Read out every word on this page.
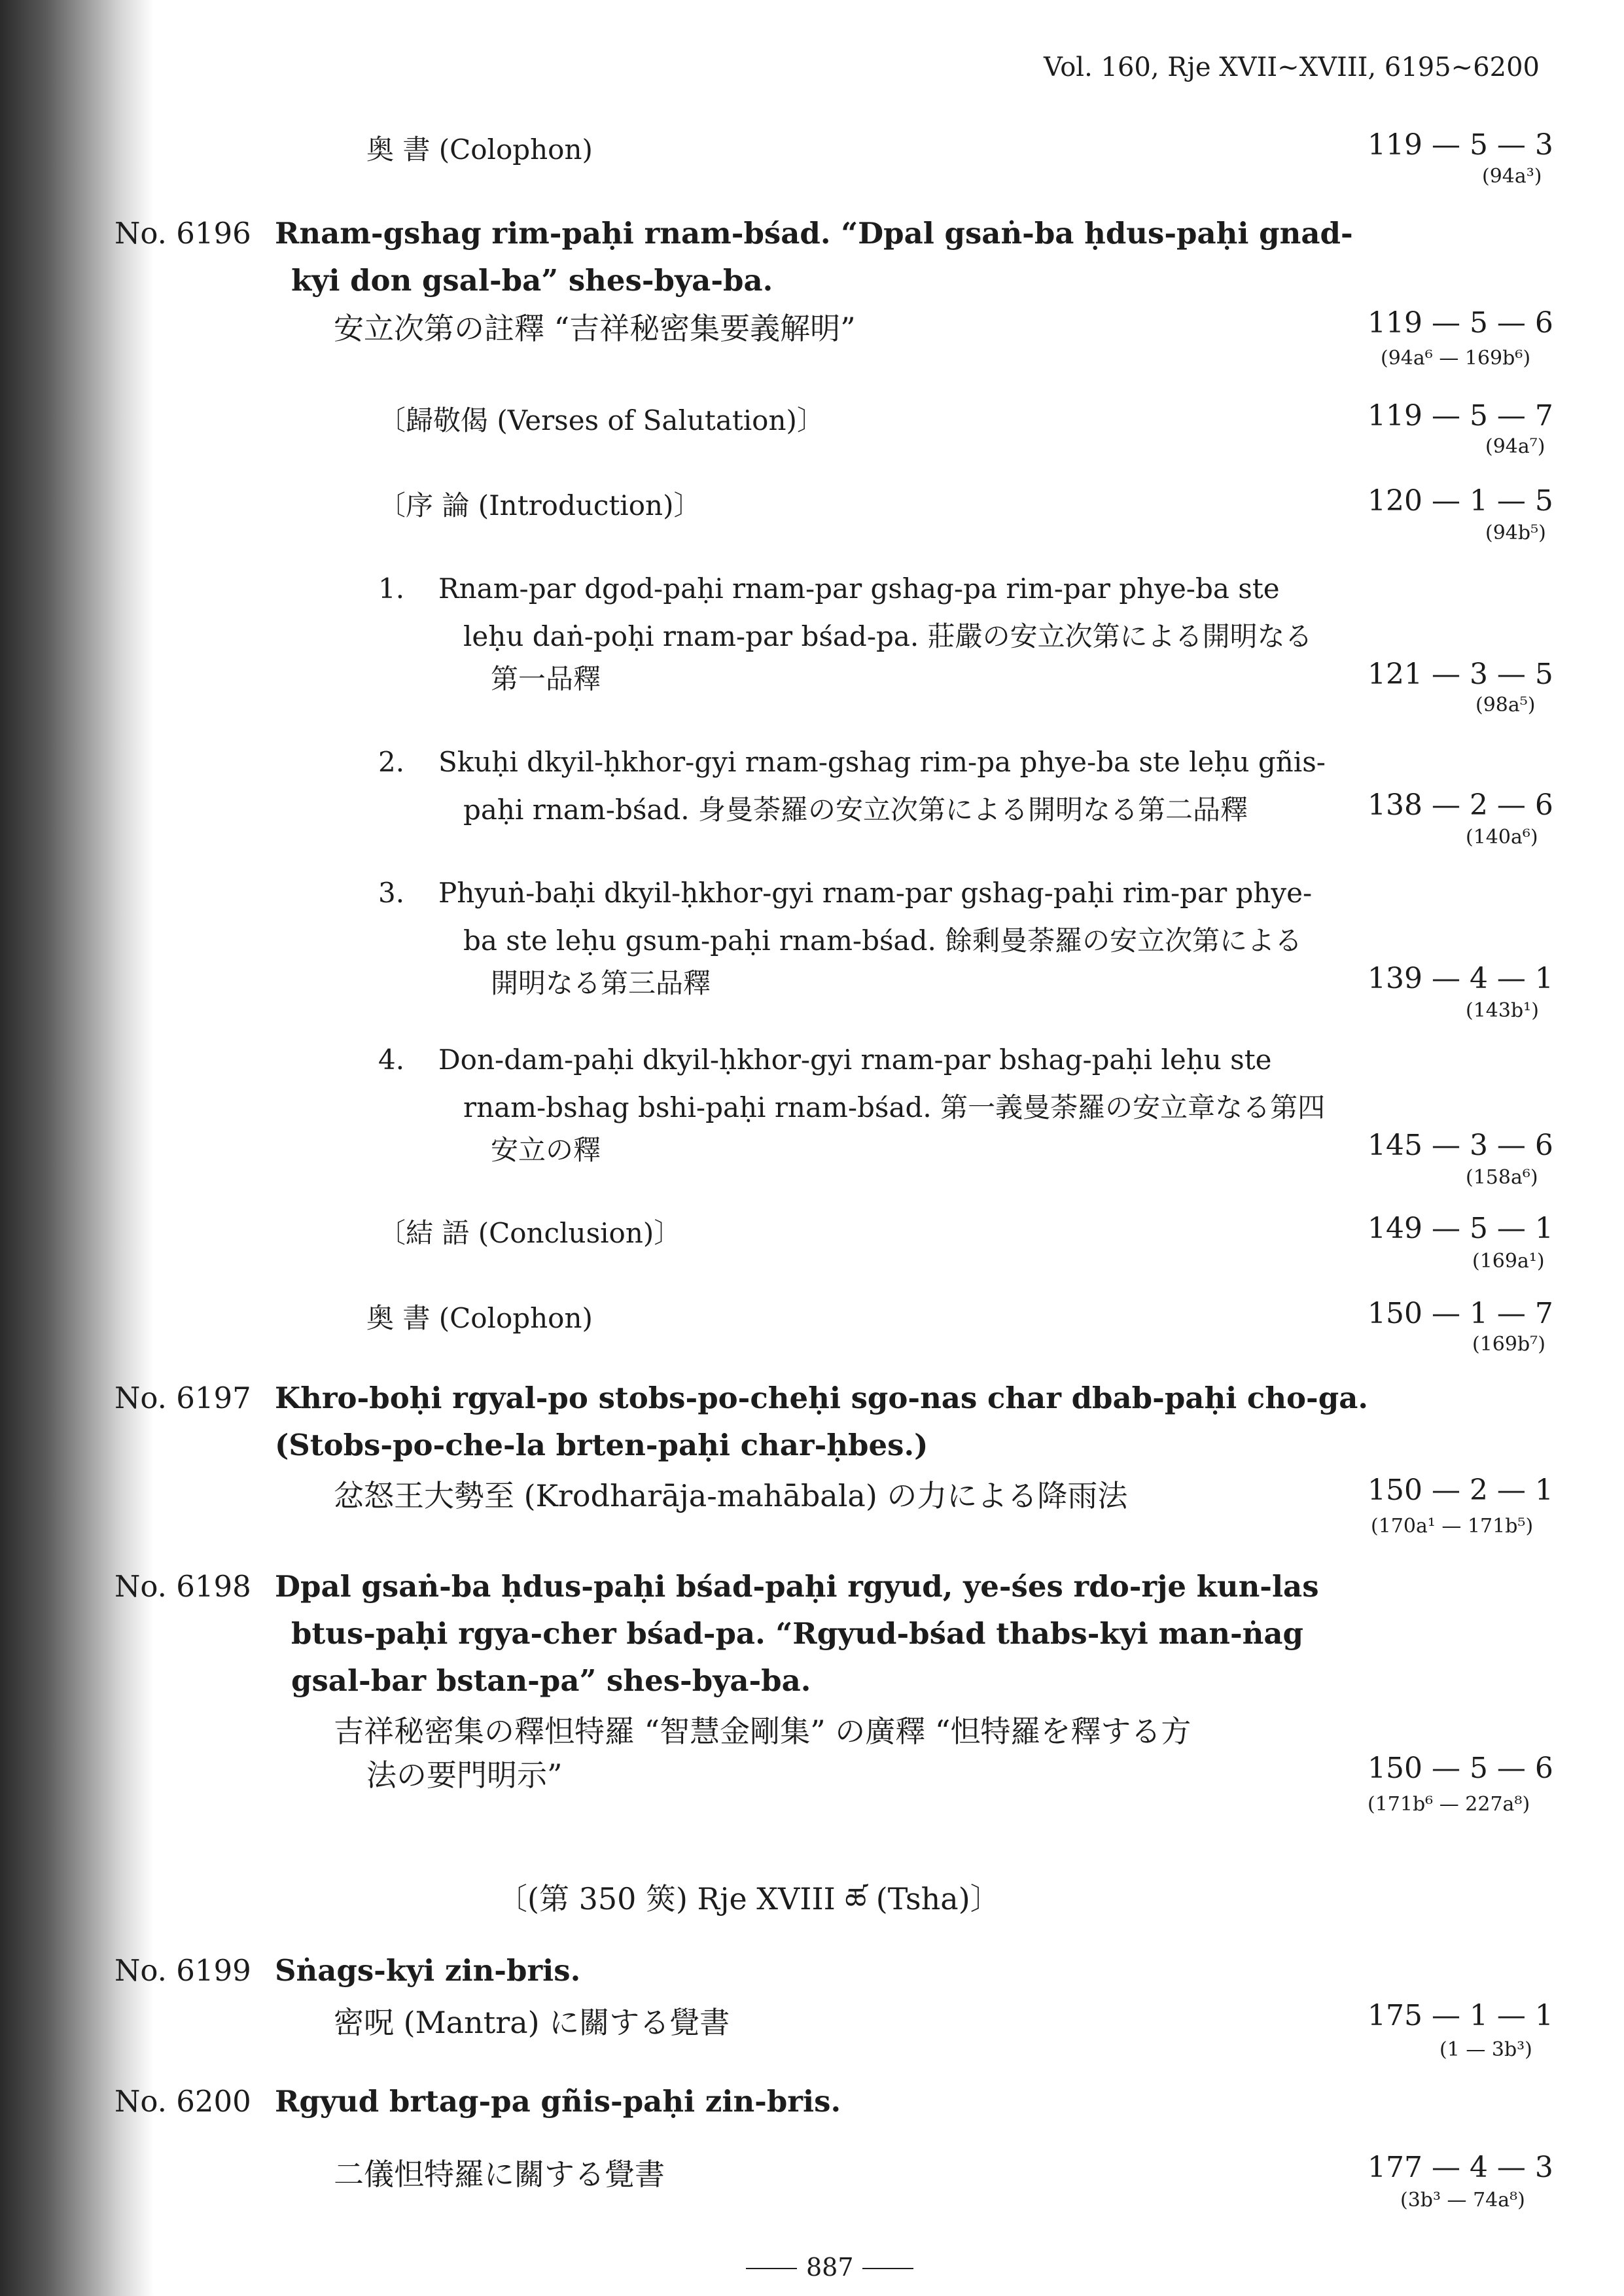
Vol. 160, Rje XVII~XVIII, 6195~6200
奥 書 (Colophon)	119 — 5 — 3
(94a³)
No. 6196 Rnam-gshag rim-paḥi rnam-bśad. “Dpal gsaṅ-ba ḥdus-paḥi gnad-
kyi don gsal-ba” shes-bya-ba.
安立次第の註釋 “吉祥秘密集要義解明”	119 — 5 — 6
(94a⁶ — 169b⁶)
〔歸敬偈 (Verses of Salutation)〕	119 — 5 — 7
(94a⁷)
〔序 論 (Introduction)〕	120 — 1 — 5
(94b⁵)
1. Rnam-par dgod-paḥi rnam-par gshag-pa rim-par phye-ba ste
leḥu daṅ-poḥi rnam-par bśad-pa. 莊嚴の安立次第による開明なる
第一品釋	121 — 3 — 5
(98a⁵)
2. Skuḥi dkyil-ḥkhor-gyi rnam-gshag rim-pa phye-ba ste leḥu gñis-
paḥi rnam-bśad. 身曼荼羅の安立次第による開明なる第二品釋	138 — 2 — 6
(140a⁶)
3. Phyuṅ-baḥi dkyil-ḥkhor-gyi rnam-par gshag-paḥi rim-par phye-
ba ste leḥu gsum-paḥi rnam-bśad. 餘剩曼荼羅の安立次第による
開明なる第三品釋	139 — 4 — 1
(143b¹)
4. Don-dam-paḥi dkyil-ḥkhor-gyi rnam-par bshag-paḥi leḥu ste
rnam-bshag bshi-paḥi rnam-bśad. 第一義曼荼羅の安立章なる第四
安立の釋	145 — 3 — 6
(158a⁶)
〔結 語 (Conclusion)〕	149 — 5 — 1
(169a¹)
奥 書 (Colophon)	150 — 1 — 7
(169b⁷)
No. 6197 Khro-boḥi rgyal-po stobs-po-cheḥi sgo-nas char dbab-paḥi cho-ga.
(Stobs-po-che-la brten-paḥi char-ḥbes.)
忿怒王大勢至 (Krodharāja-mahābala) の力による降雨法	150 — 2 — 1
(170a¹ — 171b⁵)
No. 6198 Dpal gsaṅ-ba ḥdus-paḥi bśad-paḥi rgyud, ye-śes rdo-rje kun-las
btus-paḥi rgya-cher bśad-pa. “Rgyud-bśad thabs-kyi man-ṅag
gsal-bar bstan-pa” shes-bya-ba.
吉祥秘密集の釋怛特羅 “智慧金剛集” の廣釋 “怛特羅を釋する方
法の要門明示”	150 — 5 — 6
(171b⁶ — 227a⁸)
〔(第 350 筴) Rje XVIII ཚ (Tsha)〕
No. 6199 Sṅags-kyi zin-bris.
密呪 (Mantra) に關する覺書	175 — 1 — 1
(1 — 3b³)
No. 6200 Rgyud brtag-pa gñis-paḥi zin-bris.
二儀怛特羅に關する覺書	177 — 4 — 3
(3b³ — 74a⁸)
887
